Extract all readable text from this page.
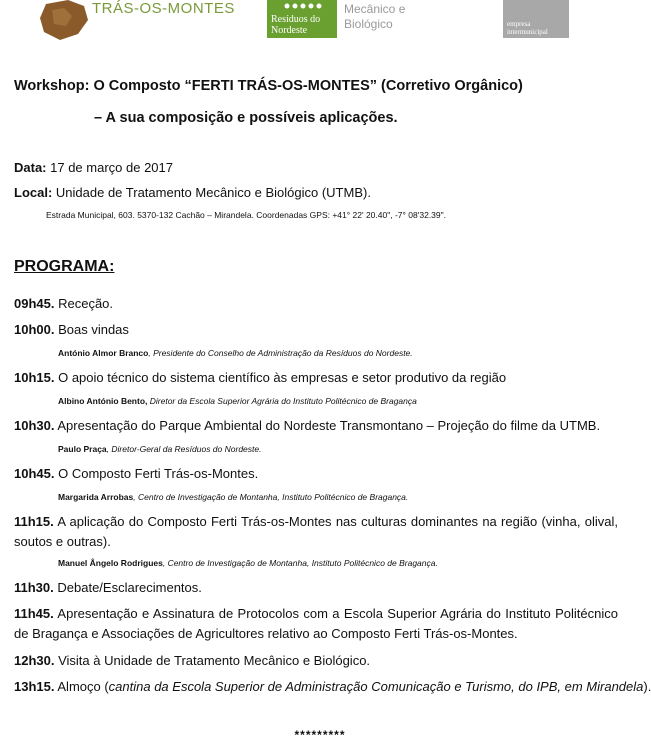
TRÁS-OS-MONTES
Resíduos do
Nordeste
Mecânico e
Biológico	empresa
intermunicipal
Workshop: O Composto “FERTI TRÁS-OS-MONTES” (Corretivo Orgânico)
– A sua composição e possíveis aplicações.
Data: 17 de março de 2017
Local: Unidade de Tratamento Mecânico e Biológico (UTMB).
Estrada Municipal, 603. 5370-132 Cachão – Mirandela. Coordenadas GPS: +41° 22' 20.40", -7° 08'32.39".
PROGRAMA:
09h45. Receção.
10h00. Boas vindas
António Almor Branco, Presidente do Conselho de Administração da Resíduos do Nordeste.
10h15. O apoio técnico do sistema científico às empresas e setor produtivo da região
Albino António Bento, Diretor da Escola Superior Agrária do Instituto Politécnico de Bragança
10h30. Apresentação do Parque Ambiental do Nordeste Transmontano – Projeção do filme da UTMB.
Paulo Praça, Diretor-Geral da Resíduos do Nordeste.
10h45. O Composto Ferti Trás-os-Montes.
Margarida Arrobas, Centro de Investigação de Montanha, Instituto Politécnico de Bragança.
11h15. A aplicação do Composto Ferti Trás-os-Montes nas culturas dominantes na região (vinha, olival, soutos e outras).
Manuel Ângelo Rodrigues, Centro de Investigação de Montanha, Instituto Politécnico de Bragança.
11h30. Debate/Esclarecimentos.
11h45. Apresentação e Assinatura de Protocolos com a Escola Superior Agrária do Instituto Politécnico de Bragança e Associações de Agricultores relativo ao Composto Ferti Trás-os-Montes.
12h30. Visita à Unidade de Tratamento Mecânico e Biológico.
13h15. Almoço (cantina da Escola Superior de Administração Comunicação e Turismo, do IPB, em Mirandela).
*********
